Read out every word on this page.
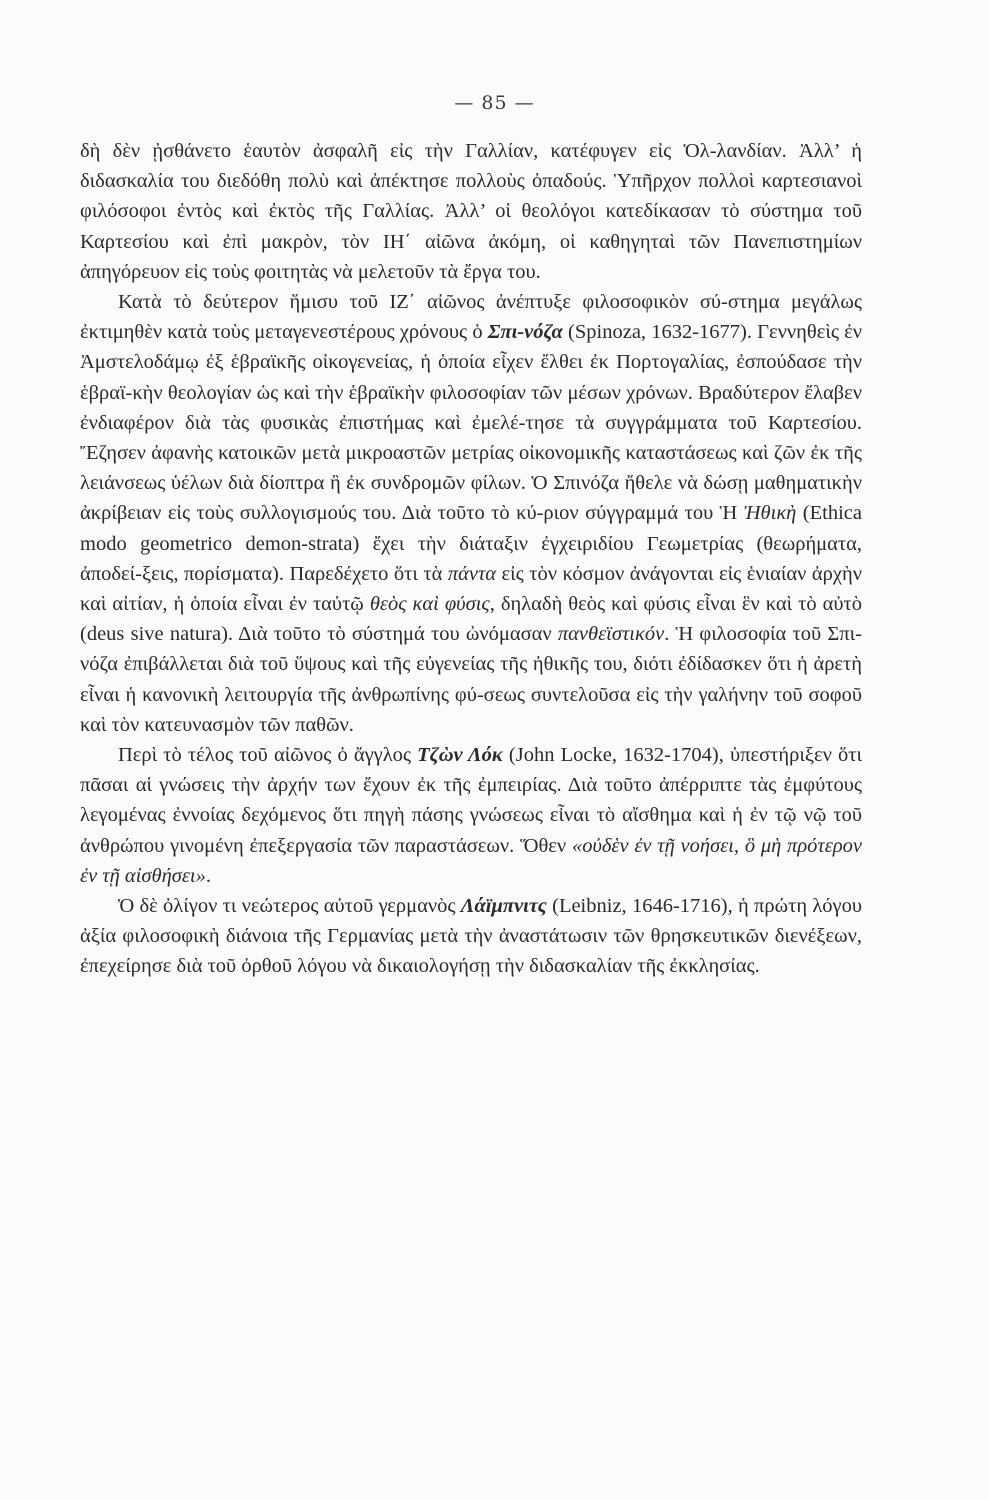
— 85 —

δὴ δὲν ᾐσθάνετο ἑαυτὸν ἀσφαλῆ εἰς τὴν Γαλλίαν, κατέφυγεν εἰς Ὁλ-λανδίαν. Ἀλλ’ ἡ διδασκαλία του διεδόθη πολὺ καὶ ἀπέκτησε πολλοὺς ὀπαδούς. Ὑπῆρχον πολλοὶ καρτεσιανοὶ φιλόσοφοι ἐντὸς καὶ ἐκτὸς τῆς Γαλλίας. Ἀλλ’ οἱ θεολόγοι κατεδίκασαν τὸ σύστημα τοῦ Καρτεσίου καὶ ἐπὶ μακρὸν, τὸν ΙΗ΄ αἰῶνα ἀκόμη, οἱ καθηγηταὶ τῶν Πανεπιστημίων ἀπηγόρευον εἰς τοὺς φοιτητὰς νὰ μελετοῦν τὰ ἔργα του.

Κατὰ τὸ δεύτερον ἥμισυ τοῦ ΙΖ΄ αἰῶνος ἀνέπτυξε φιλοσοφικὸν σύ-στημα μεγάλως ἐκτιμηθὲν κατὰ τοὺς μεταγενεστέρους χρόνους ὁ Σπι-νόζα (Spinoza, 1632-1677). Γεννηθεὶς ἐν Ἀμστελοδάμῳ ἐξ ἑβραϊκῆς οἰκογενείας, ἡ ὁποία εἶχεν ἔλθει ἐκ Πορτογαλίας, ἐσπούδασε τὴν ἑβραϊ-κὴν θεολογίαν ὡς καὶ τὴν ἑβραϊκὴν φιλοσοφίαν τῶν μέσων χρόνων. Βραδύτερον ἔλαβεν ἐνδιαφέρον διὰ τὰς φυσικὰς ἐπιστήμας καὶ ἐμελέ-τησε τὰ συγγράμματα τοῦ Καρτεσίου. Ἔζησεν ἀφανὴς κατοικῶν μετὰ μικροαστῶν μετρίας οἰκονομικῆς καταστάσεως καὶ ζῶν ἐκ τῆς λειάνσεως ὑέλων διὰ δίοπτρα ἢ ἐκ συνδρομῶν φίλων. Ὁ Σπινόζα ἤθελε νὰ δώσῃ μαθηματικὴν ἀκρίβειαν εἰς τοὺς συλλογισμούς του. Διὰ τοῦτο τὸ κύ-ριον σύγγραμμά του Ἡ Ἠθικὴ (Ethica modo geometrico demon-strata) ἔχει τὴν διάταξιν ἐγχειριδίου Γεωμετρίας (θεωρήματα, ἀποδεί-ξεις, πορίσματα). Παρεδέχετο ὅτι τὰ πάντα εἰς τὸν κόσμον ἀνάγονται εἰς ἑνιαίαν ἀρχὴν καὶ αἰτίαν, ἡ ὁποία εἶναι ἐν ταὐτῷ θεὸς καὶ φύσις, δηλαδὴ θεὸς καὶ φύσις εἶναι ἓν καὶ τὸ αὐτὸ (deus sive natura). Διὰ τοῦτο τὸ σύστημά του ὠνόμασαν πανθεϊστικόν. Ἡ φιλοσοφία τοῦ Σπι-νόζα ἐπιβάλλεται διὰ τοῦ ὕψους καὶ τῆς εὐγενείας τῆς ἠθικῆς του, διότι ἐδίδασκεν ὅτι ἡ ἀρετὴ εἶναι ἡ κανονικὴ λειτουργία τῆς ἀνθρωπίνης φύ-σεως συντελοῦσα εἰς τὴν γαλήνην τοῦ σοφοῦ καὶ τὸν κατευνασμὸν τῶν παθῶν.

Περὶ τὸ τέλος τοῦ αἰῶνος ὁ ἄγγλος Τζὼν Λόκ (John Locke, 1632-1704), ὑπεστήριξεν ὅτι πᾶσαι αἱ γνώσεις τὴν ἀρχήν των ἔχουν ἐκ τῆς ἐμπειρίας. Διὰ τοῦτο ἀπέρριπτε τὰς ἐμφύτους λεγομένας ἐννοίας δεχόμενος ὅτι πηγὴ πάσης γνώσεως εἶναι τὸ αἴσθημα καὶ ἡ ἐν τῷ νῷ τοῦ ἀνθρώπου γινομένη ἐπεξεργασία τῶν παραστάσεων. Ὅθεν «οὐδὲν ἐν τῇ νοήσει, ὃ μὴ πρότερον ἐν τῇ αἰσθήσει».

Ὁ δὲ ὀλίγον τι νεώτερος αὐτοῦ γερμανὸς Λάϊμπνιτς (Leibniz, 1646-1716), ἡ πρώτη λόγου ἀξία φιλοσοφικὴ διάνοια τῆς Γερμανίας μετὰ τὴν ἀναστάτωσιν τῶν θρησκευτικῶν διενέξεων, ἐπεχείρησε διὰ τοῦ ὀρθοῦ λόγου νὰ δικαιολογήσῃ τὴν διδασκαλίαν τῆς ἐκκλησίας.
